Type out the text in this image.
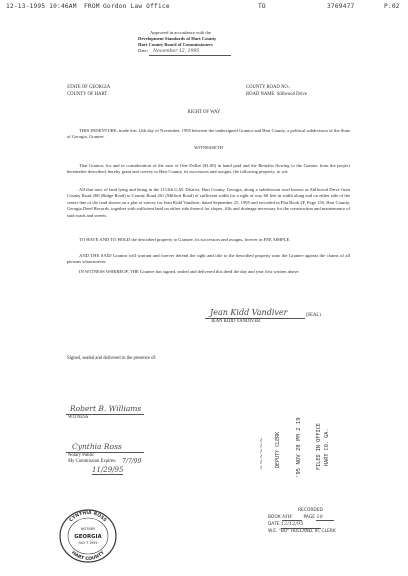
12-13-1995 10:46AM FROM Gordon Law Office	TO	3769477	P.02
Approved in accordance with the
Development Standards of Hart County
Hart County Board of Commissioners
Date: November 12, 1995
STATE OF GEORGIA
COUNTY OF HART
COUNTY ROAD NO.:
ROAD NAME: Stillwood Drive
RIGHT OF WAY
THIS INDENTURE, made this 12th day of November, 1995 between the undersigned Grantor and Hart County, a political subdivision of the State of Georgia, Grantee.
WITNESSETH
That Grantor, for and in consideration of the sum of One Dollar ($1.00) in hand paid and the Benefits flowing to the Grantor from the project hereinafter described, hereby grant and convey to Hart County, its successors and assigns, the following property, to wit:
All that tract of land lying and being in the 1112th G.M. District, Hart County, Georgia, along a subdivision road known as Stillwood Drive from County Road 260 (Ridge Road) to County Road 261 (Milford Road) of sufficient width for a right of way 60 feet in width along and on either side of the center line of the road shown on a plat of survey for Jean Kidd Vandiver, dated September 25, 1995 and recorded in Plat Book 2F, Page 150, Hart County, Georgia Deed Records, together with sufficient land on either side thereof for slopes, fills and drainage necessary for the construction and maintenance of said roads and streets.
TO HAVE AND TO HOLD the described property to Grantee, its successors and assigns, forever in FEE SIMPLE.
AND THE SAID Grantor will warrant and forever defend the right and title to the described property unto the Grantee against the claims of all persons whomsoever.
IN WITNESS WHEREOF, THE Grantee has signed, sealed and delivered this deed the day and year first written above.
Jean Kidd Vandiver
JEAN KIDD VANDIVER
(SEAL)
Signed, sealed and delivered in the presence of:
Robert B. Williams
WITNESS
Cynthia Ross
Notary Public
My Commission Expires: 7/7/99
11/29/95
CYNTHIA ROSS
HART COUNTY
NOTARY
GEORGIA
JULY 7 1999
~~~~~~ DEPUTY CLERK	'95 NOV 28 PM 2 19	FILED IN OFFICE HART CO. GA.
RECORDED
BOOK MW	PAGE 18
DATE 12/12/95
W.E. "BO" HOLLAND, III, CLERK
